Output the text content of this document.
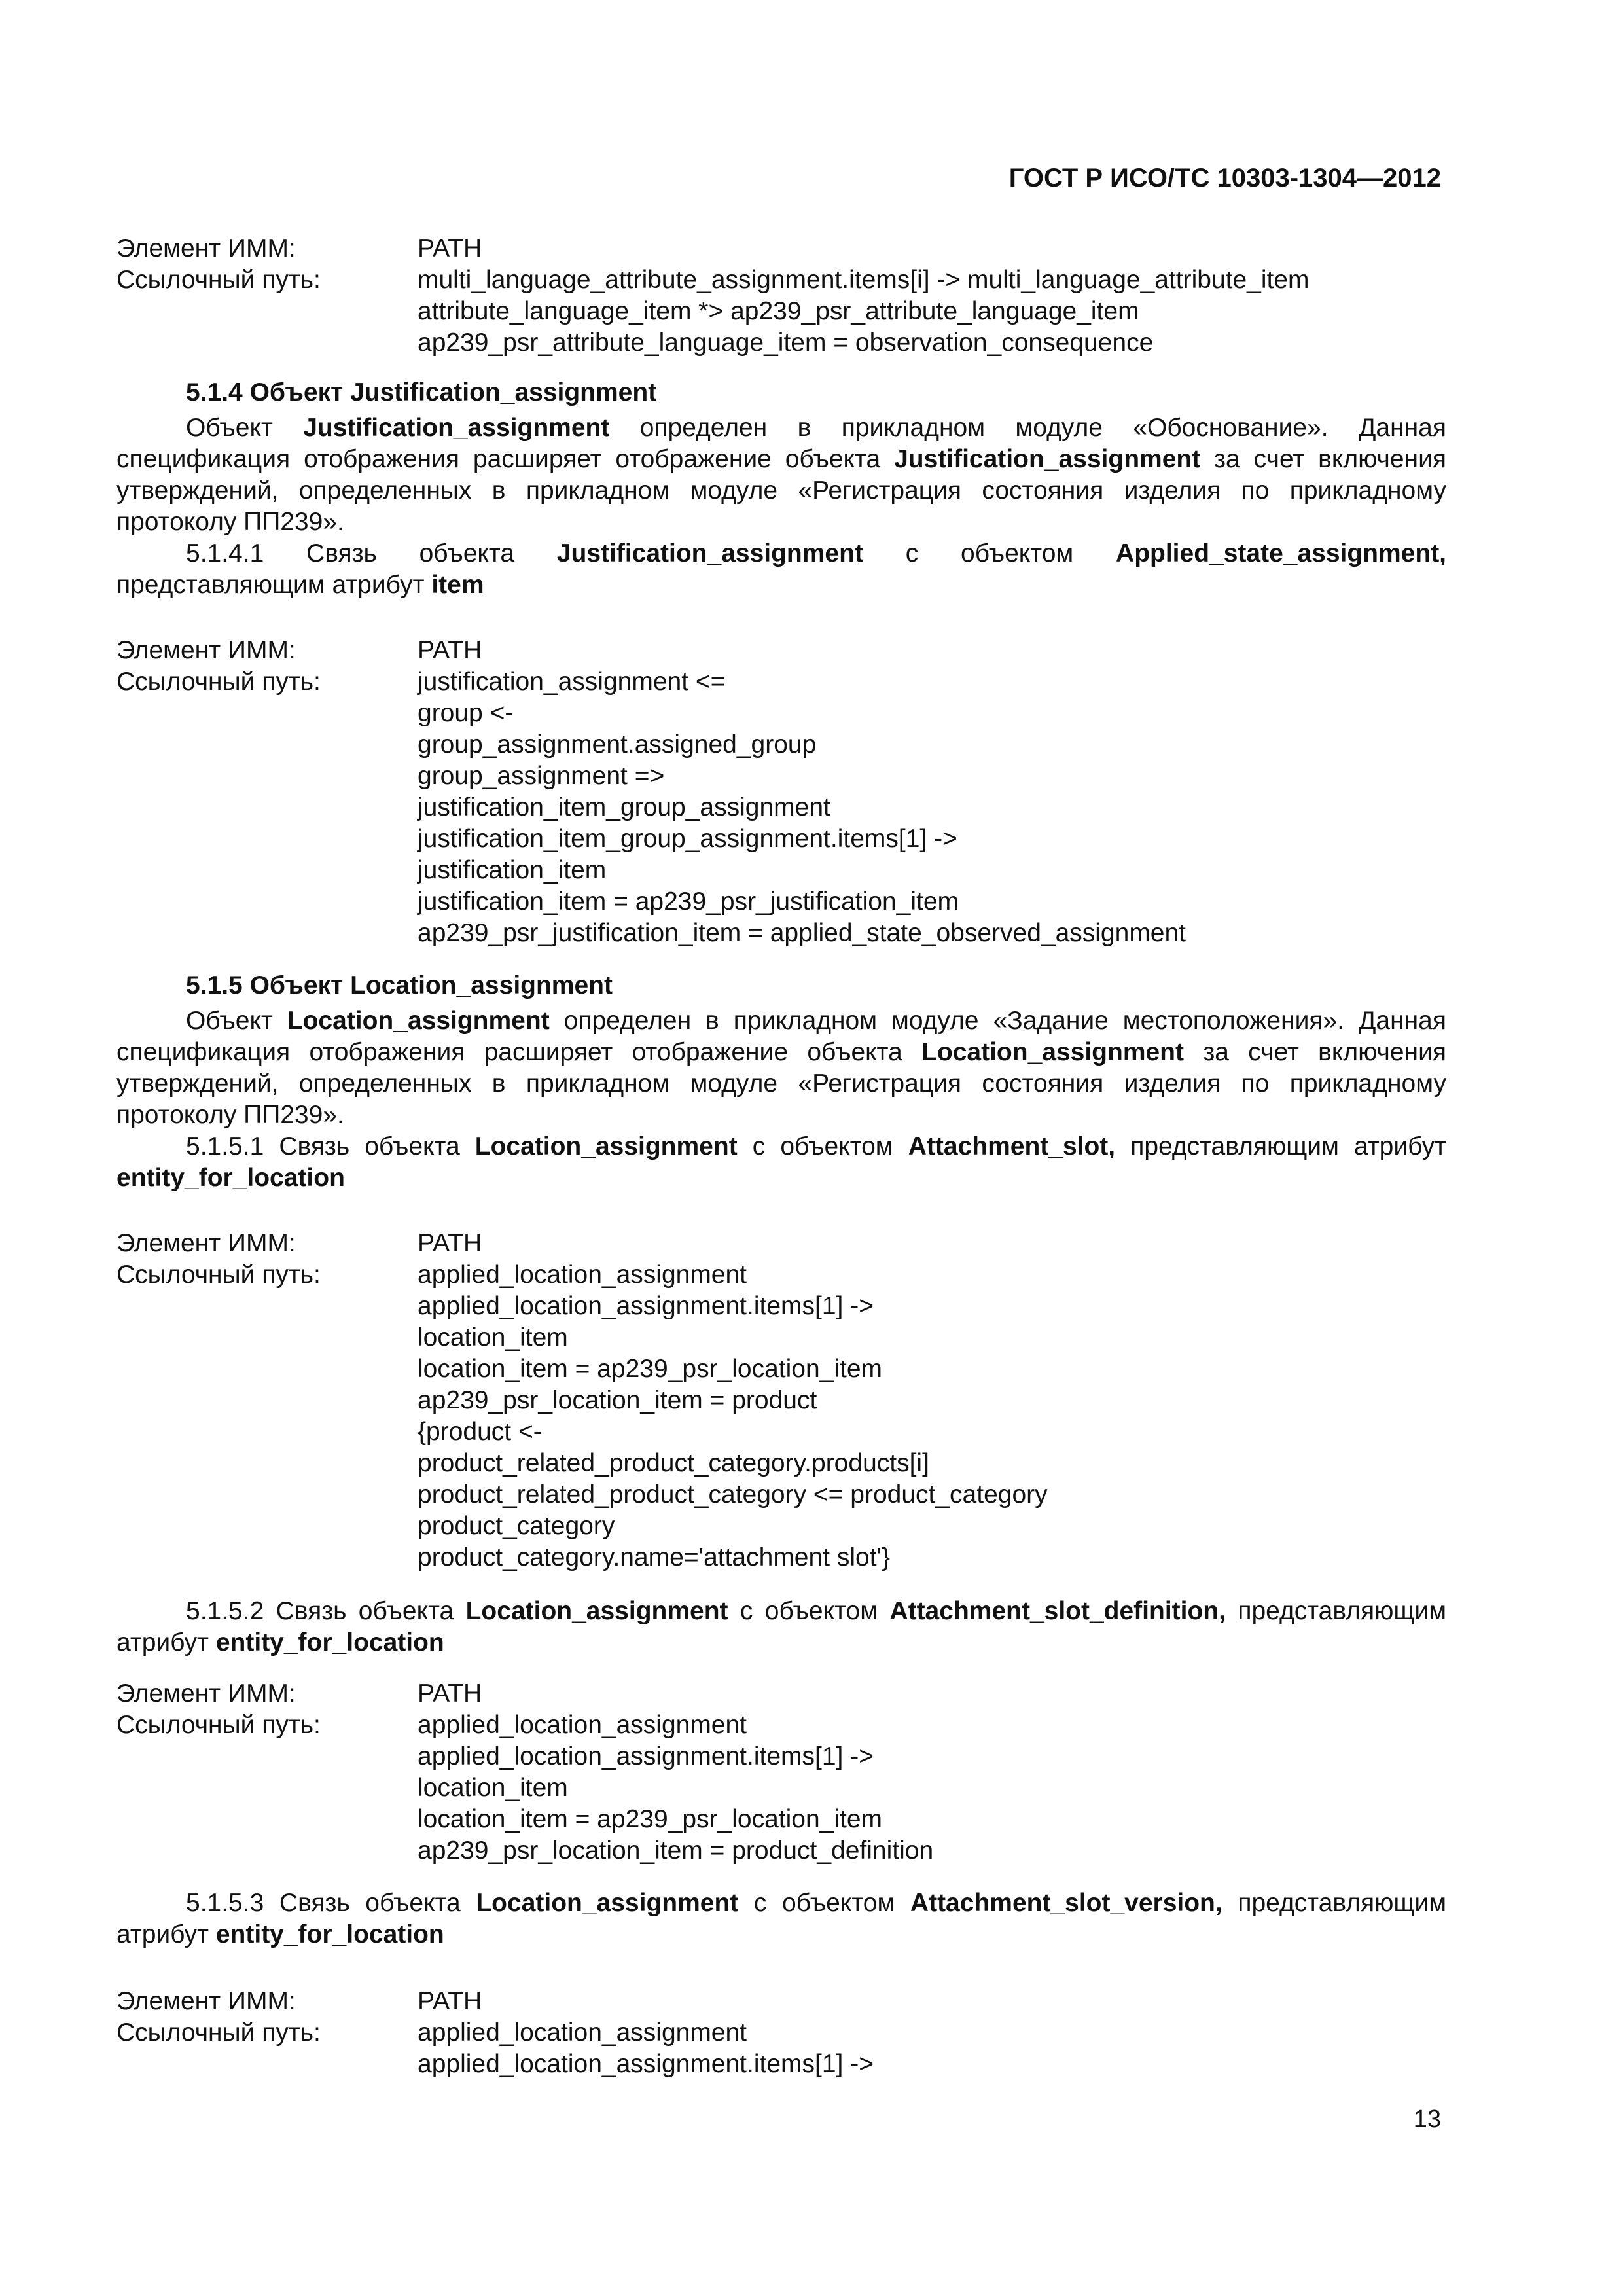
ГОСТ Р ИСО/ТС 10303-1304—2012
Элемент ИММ:	PATH
Ссылочный путь:	multi_language_attribute_assignment.items[i] -> multi_language_attribute_item
attribute_language_item *> ap239_psr_attribute_language_item
ap239_psr_attribute_language_item = observation_consequence
5.1.4 Объект Justification_assignment

Объект Justification_assignment определен в прикладном модуле «Обоснование». Данная спецификация отображения расширяет отображение объекта Justification_assignment за счет включения утверждений, определенных в прикладном модуле «Регистрация состояния изделия по прикладному протоколу ПП239».

5.1.4.1 Связь объекта Justification_assignment с объектом Applied_state_assignment, представляющим атрибут item

Элемент ИММ:	PATH
Ссылочный путь:	justification_assignment <=
group <-
group_assignment.assigned_group
group_assignment =>
justification_item_group_assignment
justification_item_group_assignment.items[1] ->
justification_item
justification_item = ap239_psr_justification_item
ap239_psr_justification_item = applied_state_observed_assignment
5.1.5 Объект Location_assignment

Объект Location_assignment определен в прикладном модуле «Задание местоположения». Данная спецификация отображения расширяет отображение объекта Location_assignment за счет включения утверждений, определенных в прикладном модуле «Регистрация состояния изделия по прикладному протоколу ПП239».

5.1.5.1 Связь объекта Location_assignment с объектом Attachment_slot, представляющим атрибут entity_for_location

Элемент ИММ:	PATH
Ссылочный путь:	applied_location_assignment
applied_location_assignment.items[1] ->
location_item
location_item = ap239_psr_location_item
ap239_psr_location_item = product
{product <-
product_related_product_category.products[i]
product_related_product_category <= product_category
product_category
product_category.name='attachment slot'}

5.1.5.2 Связь объекта Location_assignment с объектом Attachment_slot_definition, представляющим атрибут entity_for_location

Элемент ИММ:	PATH
Ссылочный путь:	applied_location_assignment
applied_location_assignment.items[1] ->
location_item
location_item = ap239_psr_location_item
ap239_psr_location_item = product_definition

5.1.5.3 Связь объекта Location_assignment с объектом Attachment_slot_version, представляющим атрибут entity_for_location

Элемент ИММ:	PATH
Ссылочный путь:	applied_location_assignment
applied_location_assignment.items[1] ->
13
